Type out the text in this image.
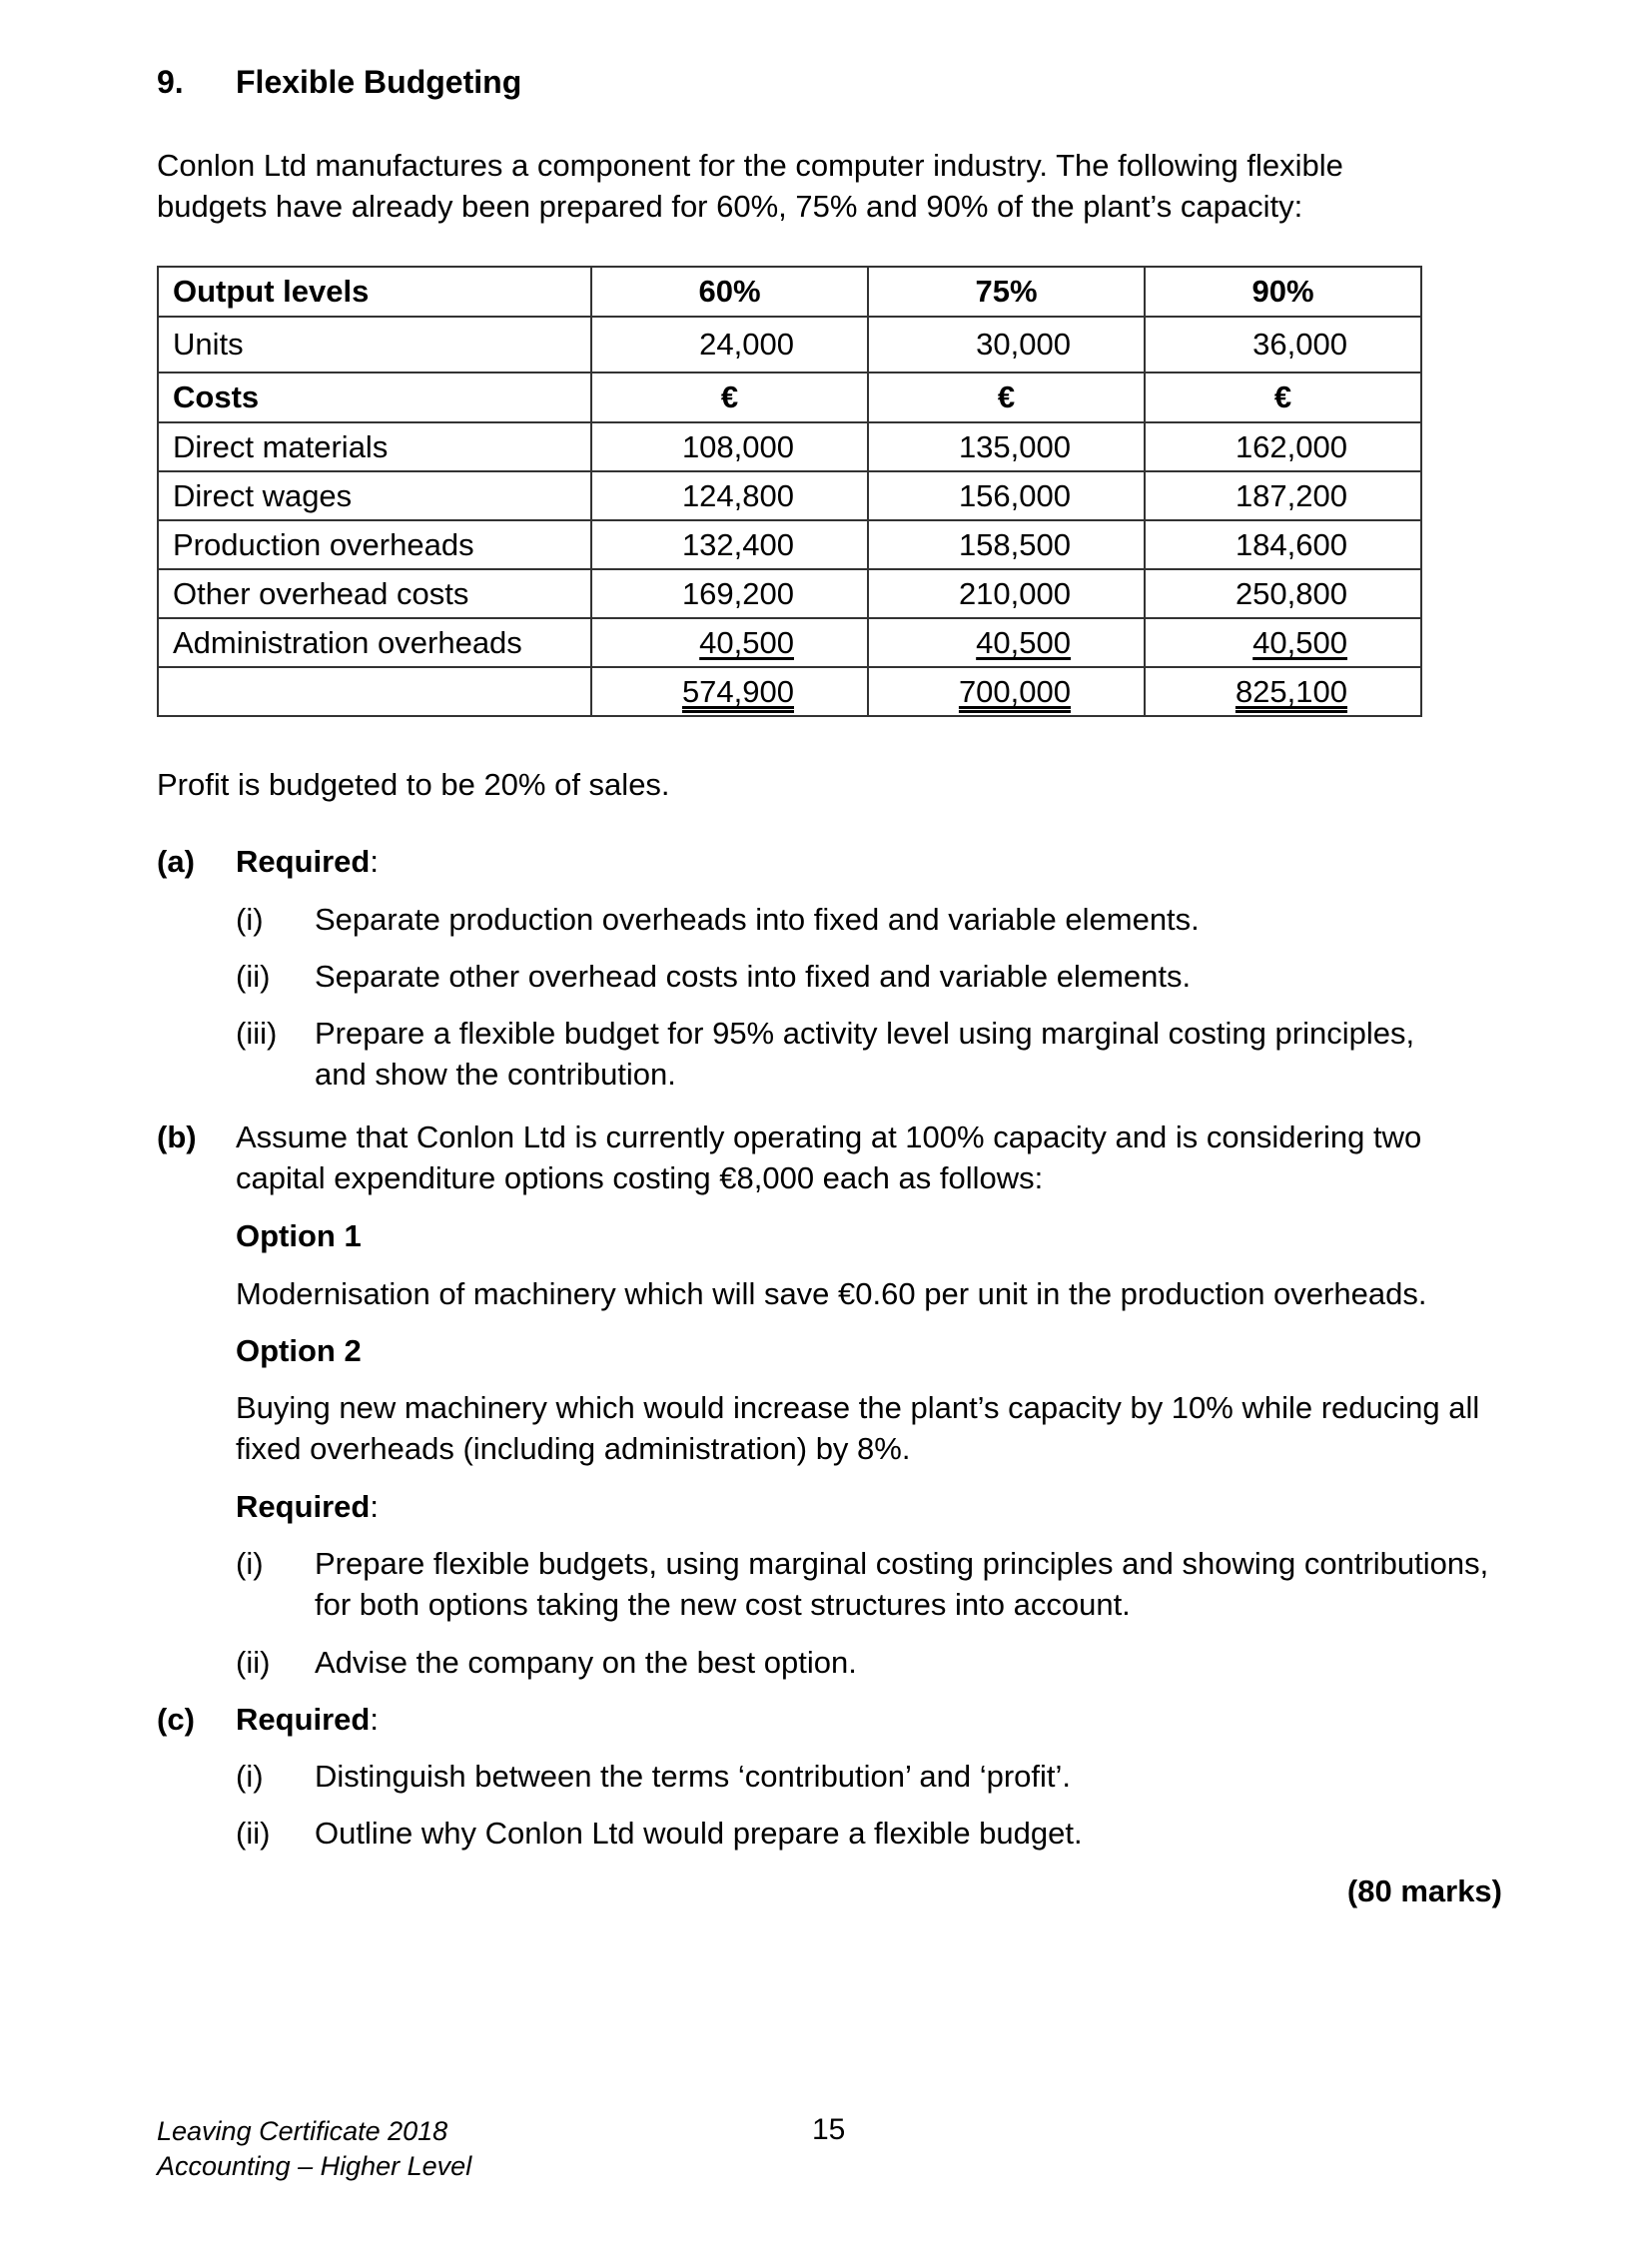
9. Flexible Budgeting
Conlon Ltd manufactures a component for the computer industry. The following flexible budgets have already been prepared for 60%, 75% and 90% of the plant’s capacity:
Output levels	60%	75%	90%
Units	24,000	30,000	36,000
Costs	€	€	€
Direct materials	108,000	135,000	162,000
Direct wages	124,800	156,000	187,200
Production overheads	132,400	158,500	184,600
Other overhead costs	169,200	210,000	250,800
Administration overheads	40,500	40,500	40,500
	574,900	700,000	825,100
Profit is budgeted to be 20% of sales.
(a) Required:
(i) Separate production overheads into fixed and variable elements.
(ii) Separate other overhead costs into fixed and variable elements.
(iii) Prepare a flexible budget for 95% activity level using marginal costing principles, and show the contribution.
(b) Assume that Conlon Ltd is currently operating at 100% capacity and is considering two capital expenditure options costing €8,000 each as follows:
Option 1
Modernisation of machinery which will save €0.60 per unit in the production overheads.
Option 2
Buying new machinery which would increase the plant’s capacity by 10% while reducing all fixed overheads (including administration) by 8%.
Required:
(i) Prepare flexible budgets, using marginal costing principles and showing contributions, for both options taking the new cost structures into account.
(ii) Advise the company on the best option.
(c) Required:
(i) Distinguish between the terms ‘contribution’ and ‘profit’.
(ii) Outline why Conlon Ltd would prepare a flexible budget.
(80 marks)
Leaving Certificate 2018
Accounting – Higher Level
15
